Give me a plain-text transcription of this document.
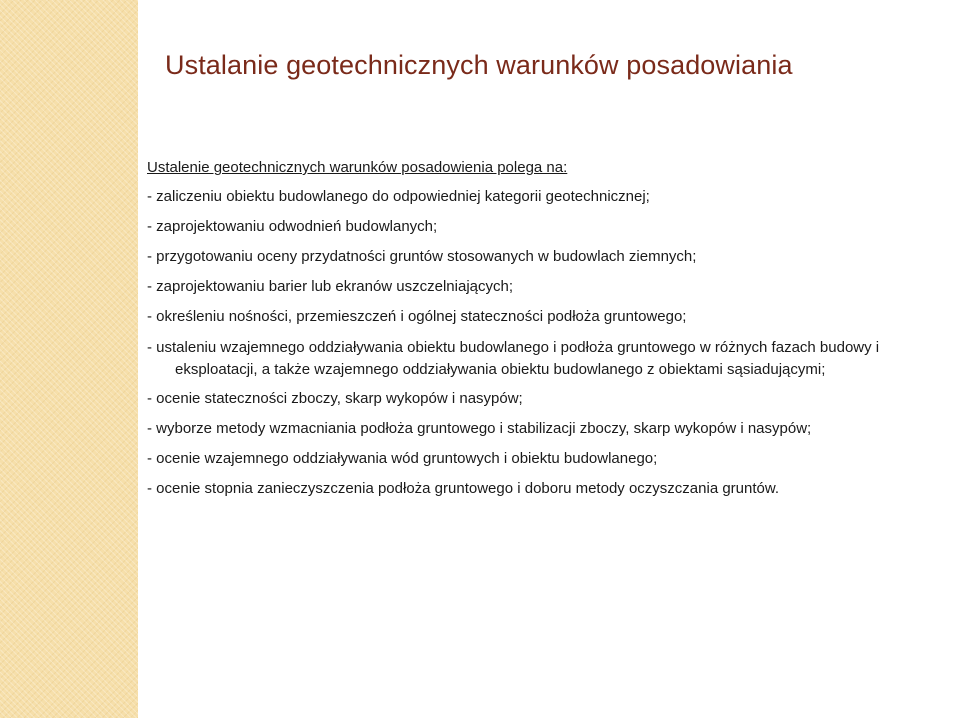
Ustalanie geotechnicznych warunków posadowiania

Ustalenie geotechnicznych warunków posadowienia polega na:

- zaliczeniu obiektu budowlanego do odpowiedniej kategorii geotechnicznej;
- zaprojektowaniu odwodnień budowlanych;
- przygotowaniu oceny przydatności gruntów stosowanych w budowlach ziemnych;
- zaprojektowaniu barier lub ekranów uszczelniających;
- określeniu nośności, przemieszczeń i ogólnej stateczności podłoża gruntowego;
- ustaleniu wzajemnego oddziaływania obiektu budowlanego i podłoża gruntowego w różnych fazach budowy i eksploatacji, a także wzajemnego oddziaływania obiektu budowlanego z obiektami sąsiadującymi;
- ocenie stateczności zboczy, skarp wykopów i nasypów;
- wyborze metody wzmacniania podłoża gruntowego i stabilizacji zboczy, skarp wykopów i nasypów;
- ocenie wzajemnego oddziaływania wód gruntowych i obiektu budowlanego;
- ocenie stopnia zanieczyszczenia podłoża gruntowego i doboru metody oczyszczania gruntów.
